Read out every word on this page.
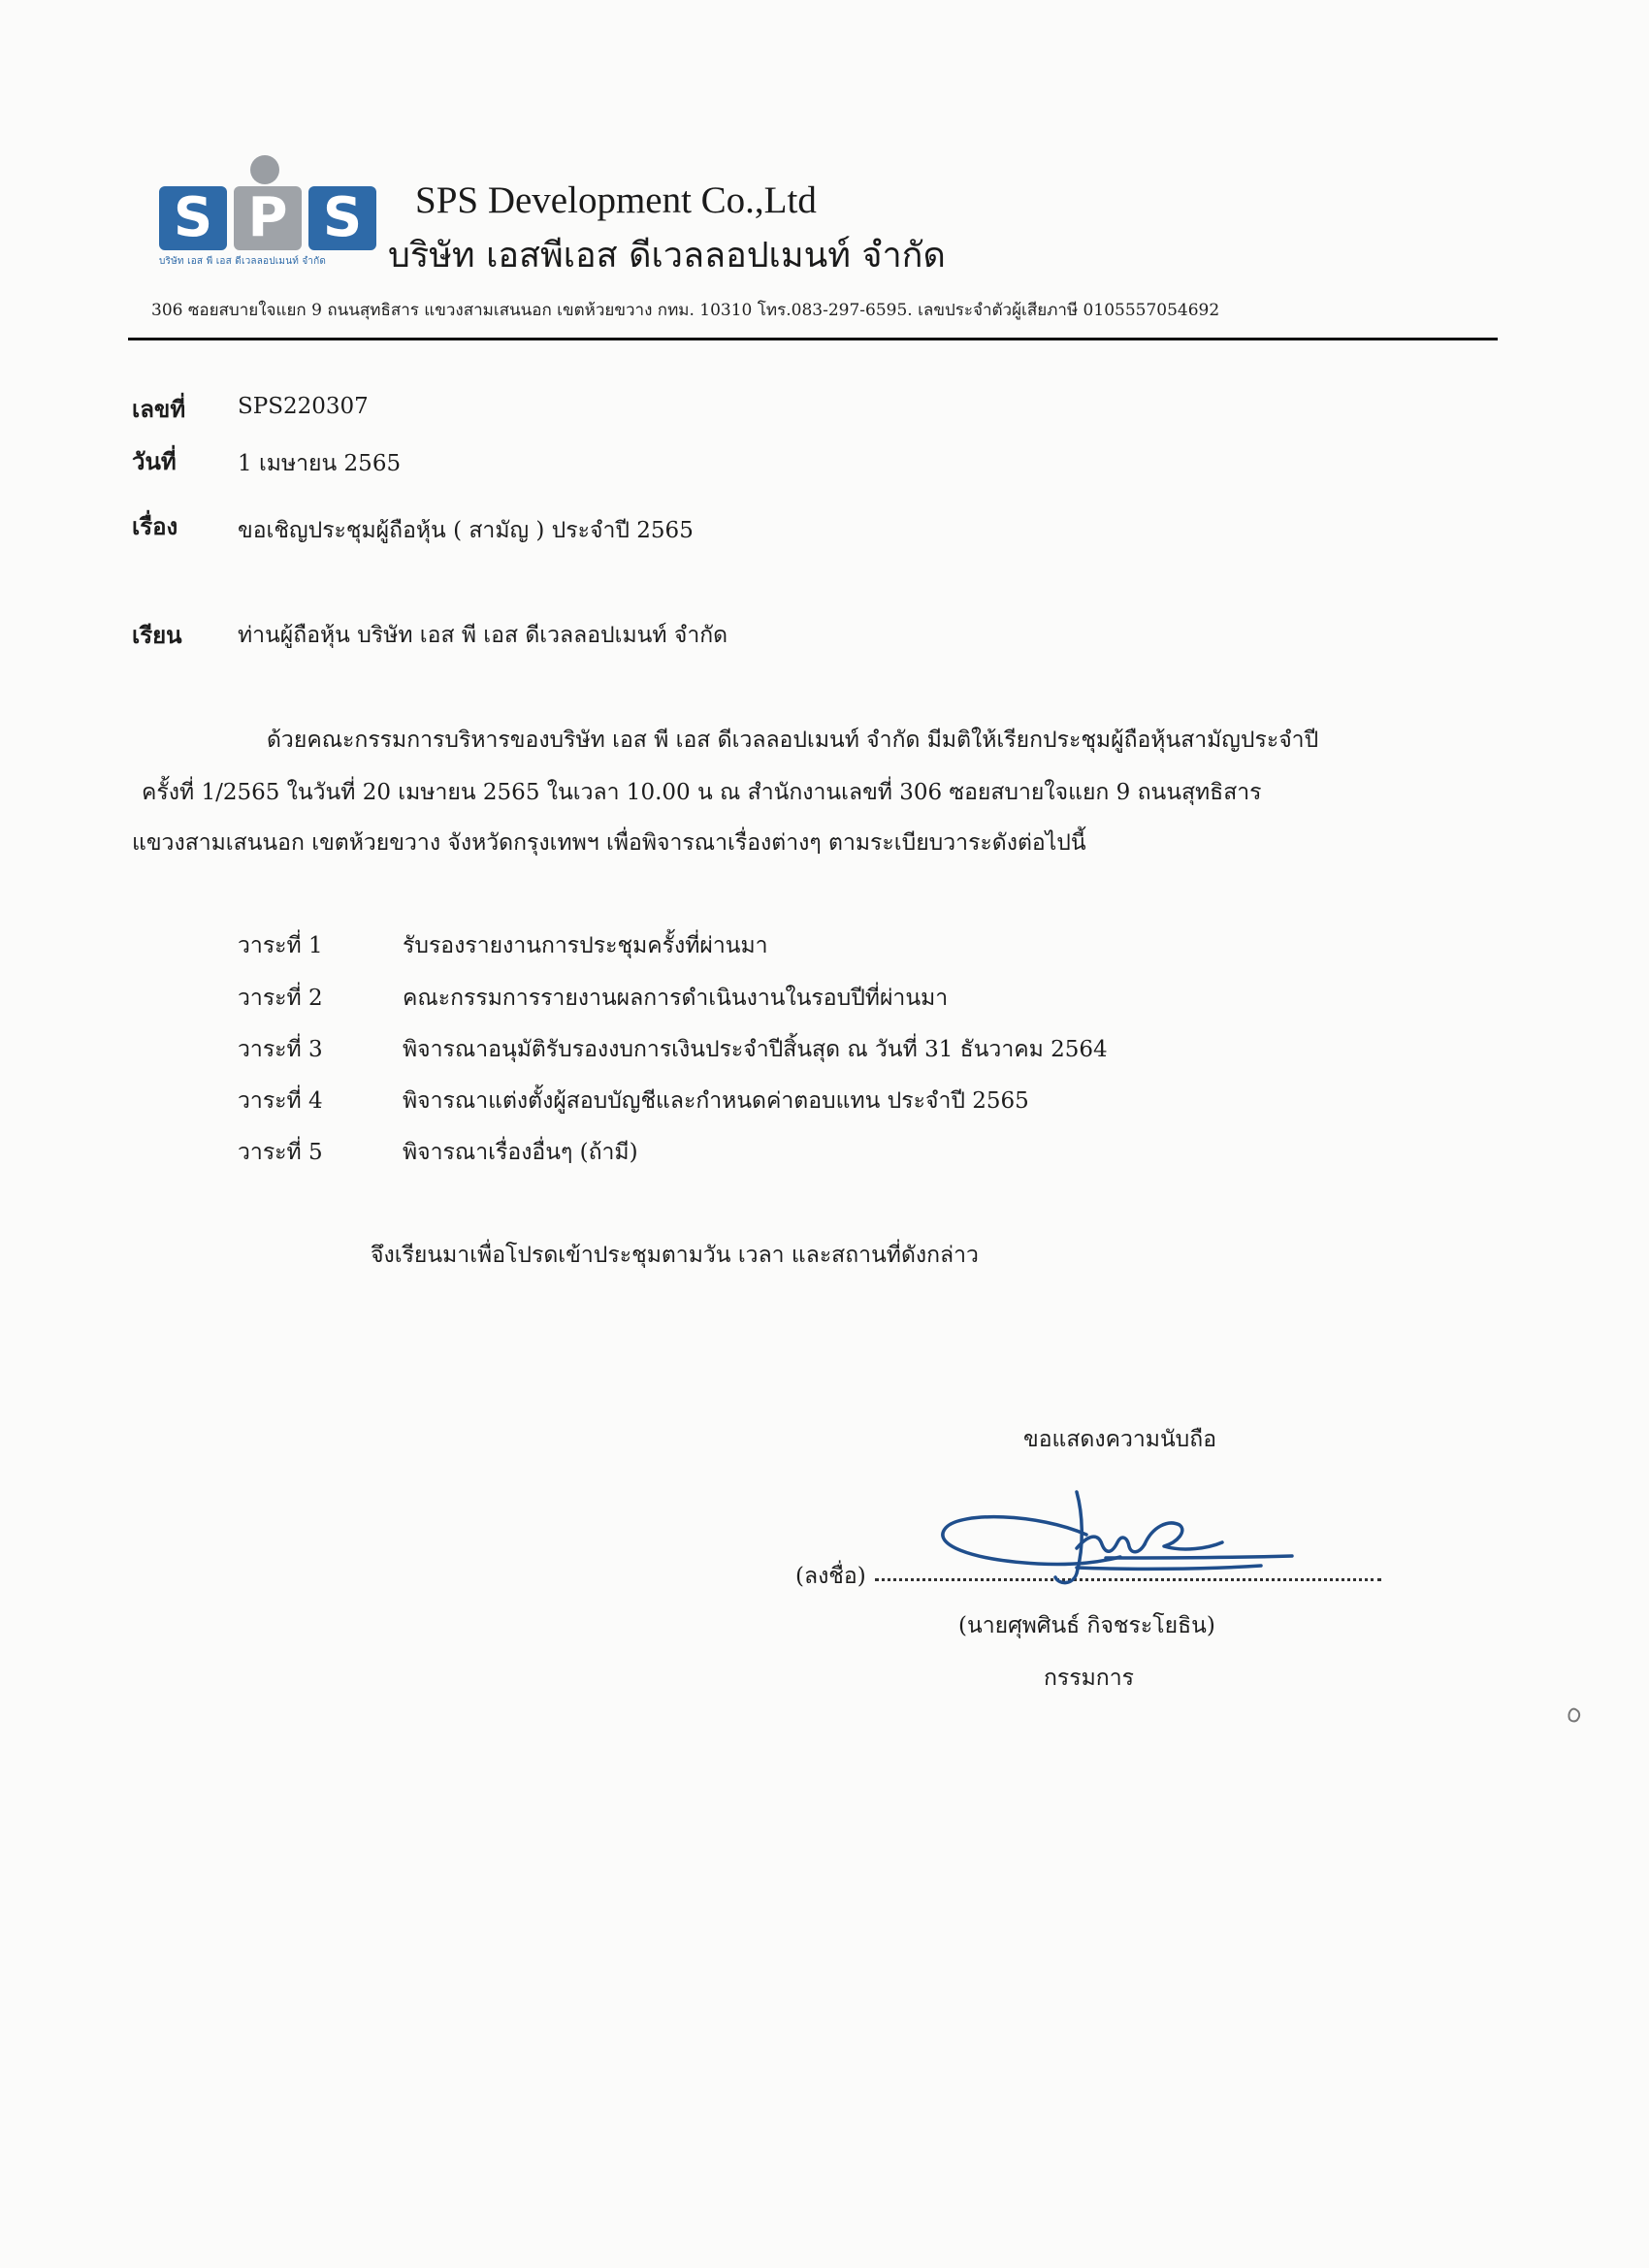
S P S
บริษัท เอส พี เอส ดีเวลลอปเมนท์ จำกัด
SPS Development Co.,Ltd
บริษัท เอสพีเอส ดีเวลลอปเมนท์ จำกัด
306 ซอยสบายใจแยก 9 ถนนสุทธิสาร แขวงสามเสนนอก เขตห้วยขวาง กทม. 10310 โทร.083-297-6595. เลขประจำตัวผู้เสียภาษี 0105557054692
เลขที่ SPS220307
วันที่	1 เมษายน 2565
เรื่อง	ขอเชิญประชุมผู้ถือหุ้น ( สามัญ ) ประจำปี 2565
เรียน ท่านผู้ถือหุ้น บริษัท เอส พี เอส ดีเวลลอปเมนท์ จำกัด
ด้วยคณะกรรมการบริหารของบริษัท เอส พี เอส ดีเวลลอปเมนท์ จำกัด มีมติให้เรียกประชุมผู้ถือหุ้นสามัญประจำปี
ครั้งที่ 1/2565 ในวันที่ 20 เมษายน 2565 ในเวลา 10.00 น ณ สำนักงานเลขที่ 306 ซอยสบายใจแยก 9 ถนนสุทธิสาร
แขวงสามเสนนอก เขตห้วยขวาง จังหวัดกรุงเทพฯ เพื่อพิจารณาเรื่องต่างๆ ตามระเบียบวาระดังต่อไปนี้
วาระที่ 1	รับรองรายงานการประชุมครั้งที่ผ่านมา
วาระที่ 2	คณะกรรมการรายงานผลการดำเนินงานในรอบปีที่ผ่านมา
วาระที่ 3	พิจารณาอนุมัติรับรองงบการเงินประจำปีสิ้นสุด ณ วันที่ 31 ธันวาคม 2564
วาระที่ 4	พิจารณาแต่งตั้งผู้สอบบัญชีและกำหนดค่าตอบแทน ประจำปี 2565
วาระที่ 5	พิจารณาเรื่องอื่นๆ (ถ้ามี)
จึงเรียนมาเพื่อโปรดเข้าประชุมตามวัน เวลา และสถานที่ดังกล่าว
ขอแสดงความนับถือ
(ลงชื่อ)
(นายศุพศินธ์ กิจชระโยธิน)
กรรมการ
